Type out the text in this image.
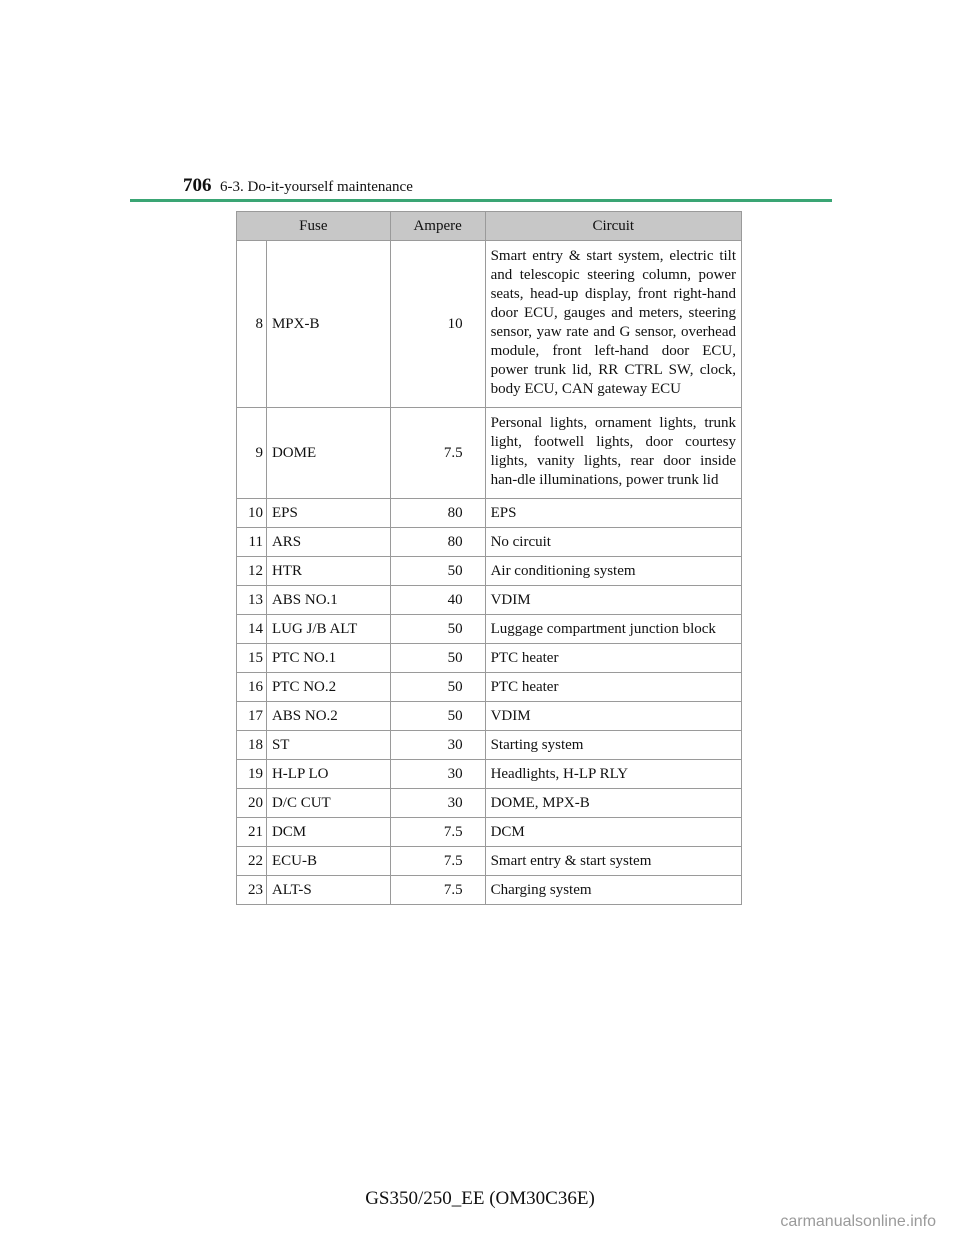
706 6-3. Do-it-yourself maintenance
Fuse		Ampere	Circuit
8	MPX-B	10	Smart entry & start system, electric tilt and telescopic steering column, power seats, head-up display, front right-hand door ECU, gauges and meters, steering sensor, yaw rate and G sensor, overhead module, front left-hand door ECU, power trunk lid, RR CTRL SW, clock, body ECU, CAN gateway ECU
9	DOME	7.5	Personal lights, ornament lights, trunk light, footwell lights, door courtesy lights, vanity lights, rear door inside han-dle illuminations, power trunk lid
10	EPS	80	EPS
11	ARS	80	No circuit
12	HTR	50	Air conditioning system
13	ABS NO.1	40	VDIM
14	LUG J/B ALT	50	Luggage compartment junction block
15	PTC NO.1	50	PTC heater
16	PTC NO.2	50	PTC heater
17	ABS NO.2	50	VDIM
18	ST	30	Starting system
19	H-LP LO	30	Headlights, H-LP RLY
20	D/C CUT	30	DOME, MPX-B
21	DCM	7.5	DCM
22	ECU-B	7.5	Smart entry & start system
23	ALT-S	7.5	Charging system
GS350/250_EE (OM30C36E)
carmanualsonline.info
